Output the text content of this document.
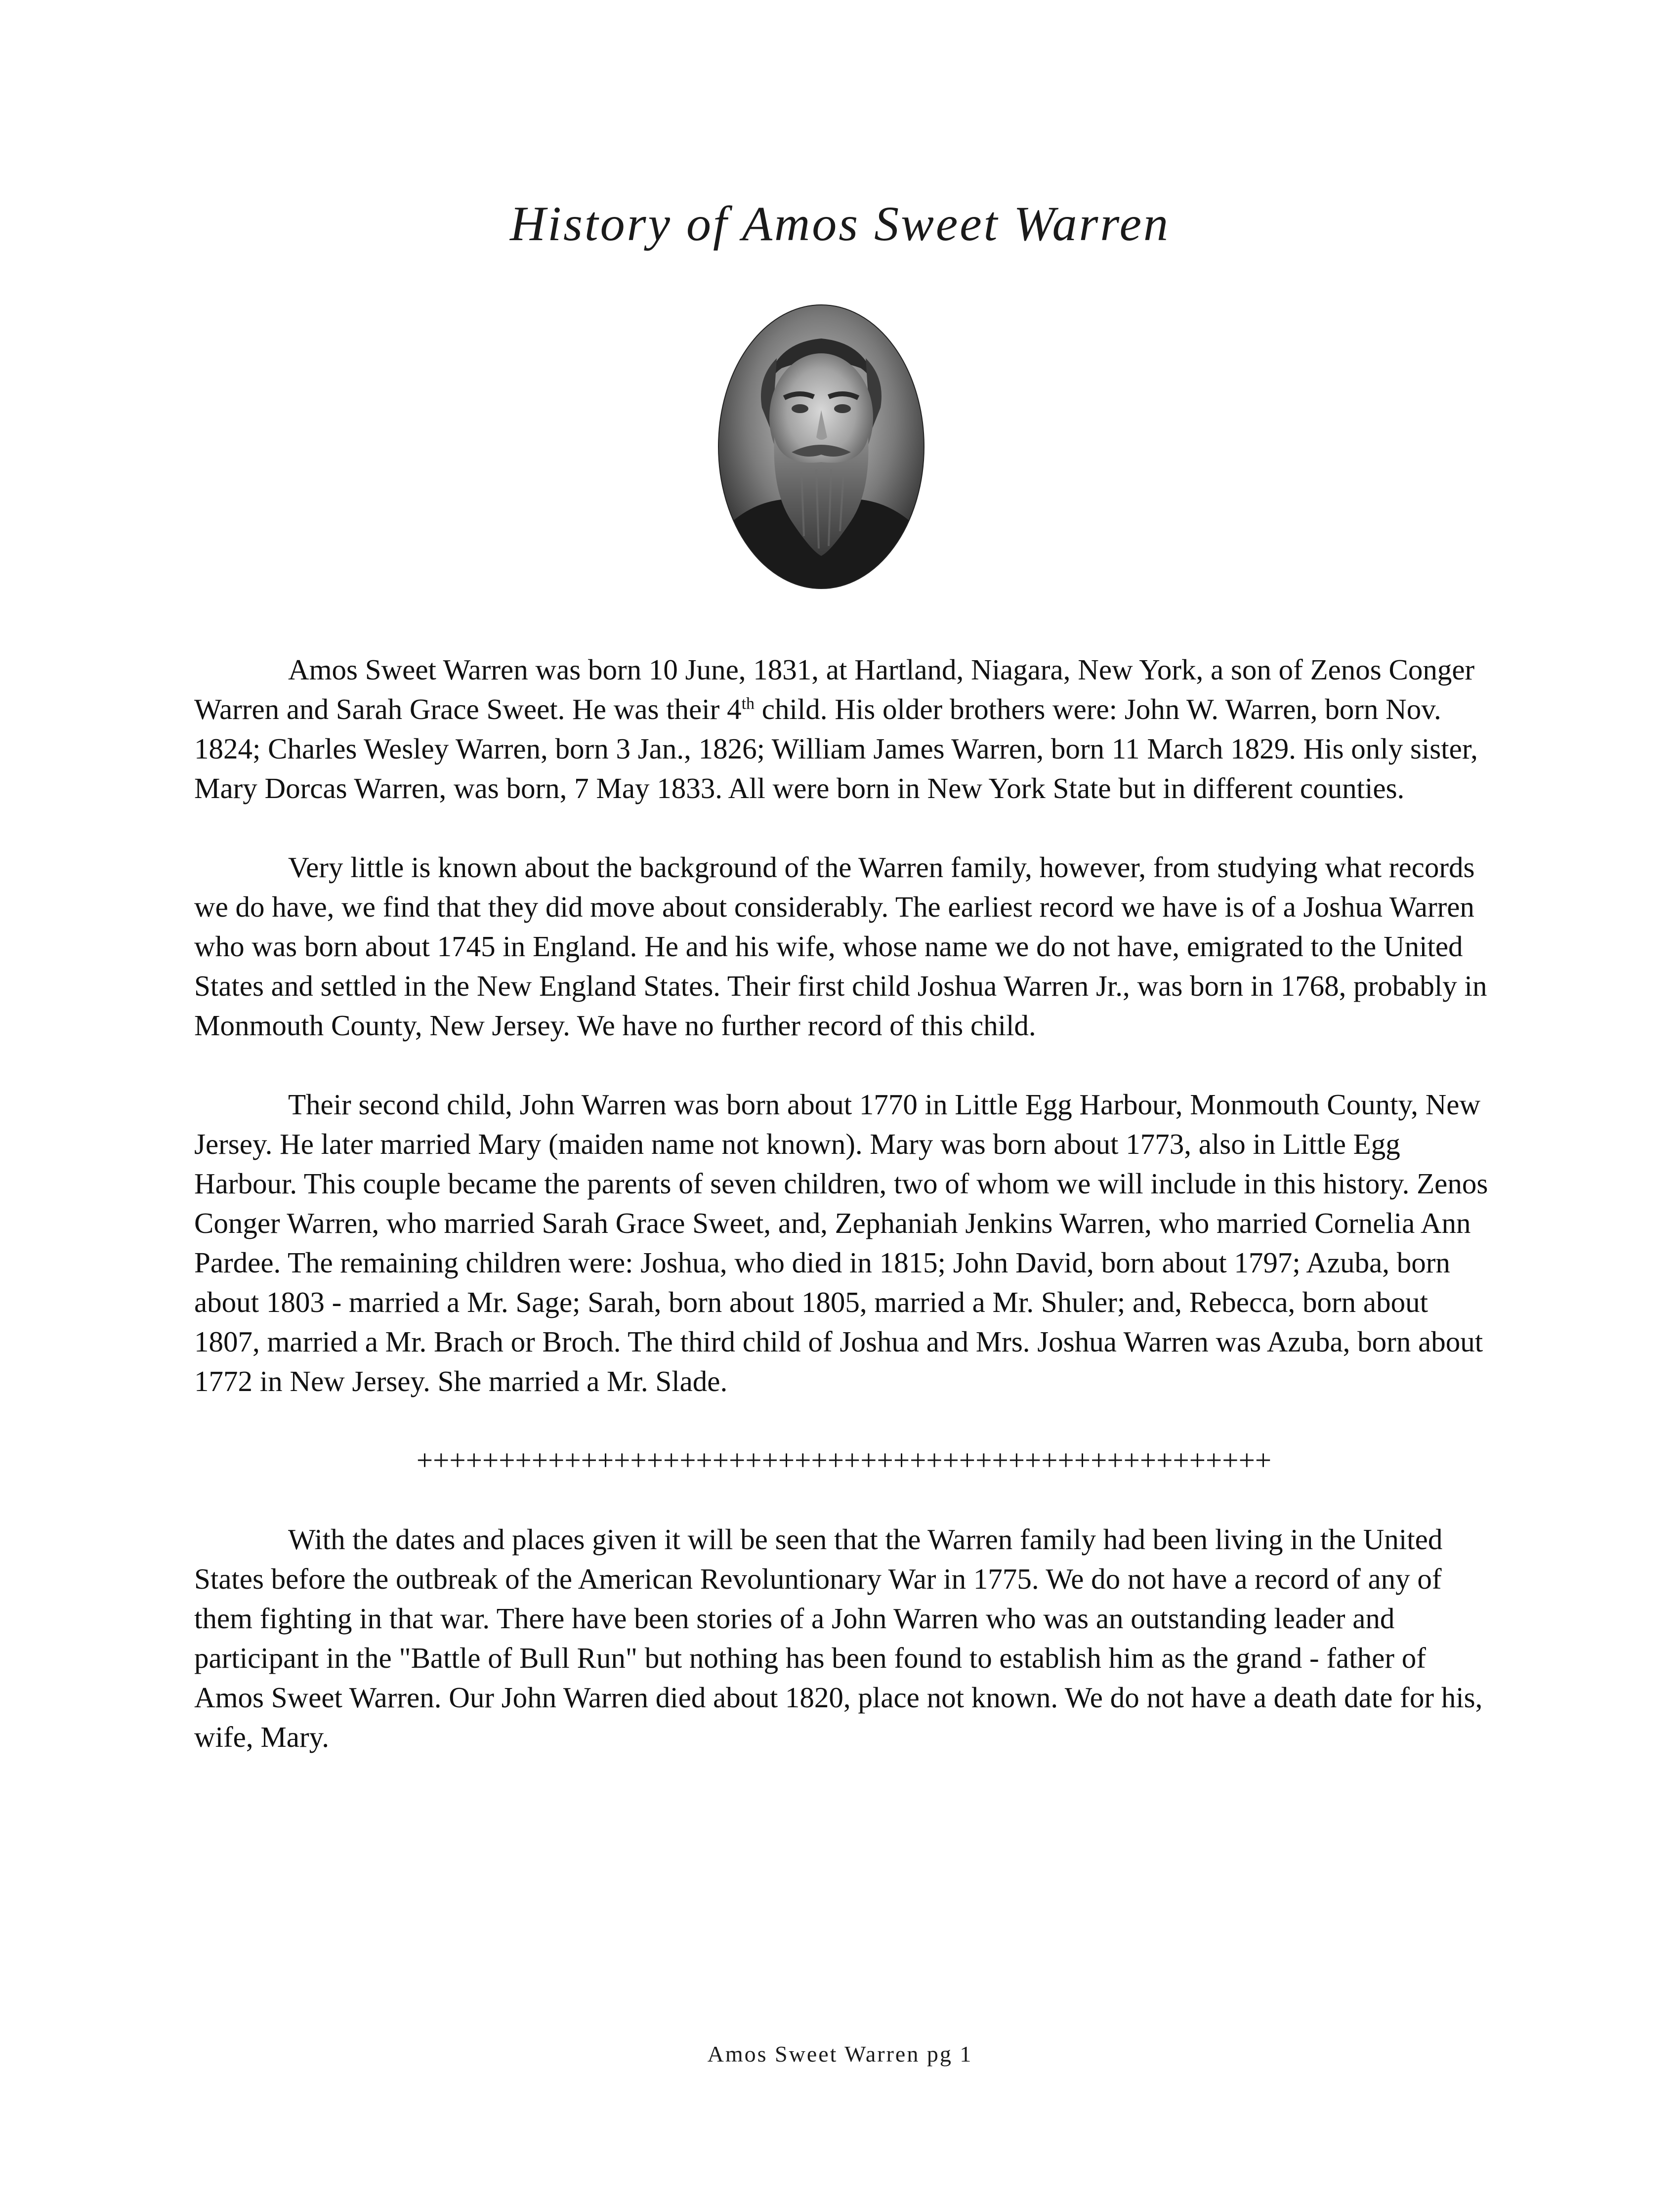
History of Amos Sweet Warren

Amos Sweet Warren was born 10 June, 1831, at Hartland, Niagara, New York, a son of Zenos Conger Warren and Sarah Grace Sweet. He was their 4th child. His older brothers were: John W. Warren, born Nov. 1824; Charles Wesley Warren, born 3 Jan., 1826; William James Warren, born 11 March 1829. His only sister, Mary Dorcas Warren, was born, 7 May 1833. All were born in New York State but in different counties.

Very little is known about the background of the Warren family, however, from studying what records we do have, we find that they did move about considerably. The earliest record we have is of a Joshua Warren who was born about 1745 in England. He and his wife, whose name we do not have, emigrated to the United States and settled in the New England States. Their first child Joshua Warren Jr., was born in 1768, probably in Monmouth County, New Jersey. We have no further record of this child.

Their second child, John Warren was born about 1770 in Little Egg Harbour, Monmouth County, New Jersey. He later married Mary (maiden name not known). Mary was born about 1773, also in Little Egg Harbour. This couple became the parents of seven children, two of whom we will include in this history. Zenos Conger Warren, who married Sarah Grace Sweet, and, Zephaniah Jenkins Warren, who married Cornelia Ann Pardee. The remaining children were: Joshua, who died in 1815; John David, born about 1797; Azuba, born about 1803 - married a Mr. Sage; Sarah, born about 1805, married a Mr. Shuler; and, Rebecca, born about 1807, married a Mr. Brach or Broch. The third child of Joshua and Mrs. Joshua Warren was Azuba, born about 1772 in New Jersey. She married a Mr. Slade.

++++++++++++++++++++++++++++++++++++++++++++++++++++

With the dates and places given it will be seen that the Warren family had been living in the United States before the outbreak of the American Revoluntionary War in 1775. We do not have a record of any of them fighting in that war. There have been stories of a John Warren who was an outstanding leader and participant in the "Battle of Bull Run" but nothing has been found to establish him as the grand - father of Amos Sweet Warren. Our John Warren died about 1820, place not known. We do not have a death date for his, wife, Mary.

Amos Sweet Warren pg 1
